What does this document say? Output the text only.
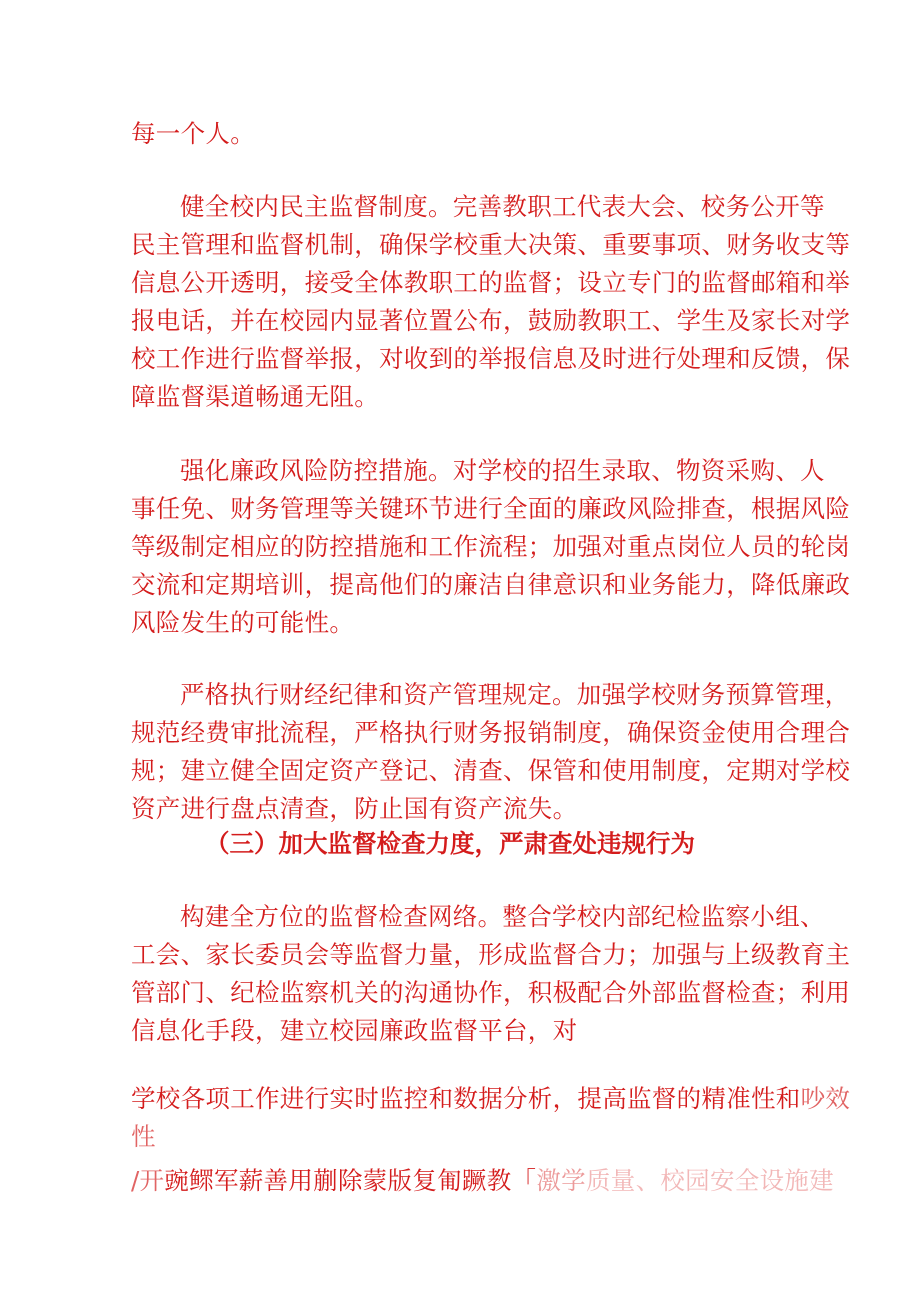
每一个人。

健全校内民主监督制度。完善教职工代表大会、校务公开等

民主管理和监督机制，确保学校重大决策、重要事项、财务收支等

信息公开透明，接受全体教职工的监督；设立专门的监督邮箱和举

报电话，并在校园内显著位置公布，鼓励教职工、学生及家长对学

校工作进行监督举报，对收到的举报信息及时进行处理和反馈，保

障监督渠道畅通无阻。

强化廉政风险防控措施。对学校的招生录取、物资采购、人

事任免、财务管理等关键环节进行全面的廉政风险排查，根据风险

等级制定相应的防控措施和工作流程；加强对重点岗位人员的轮岗

交流和定期培训，提高他们的廉洁自律意识和业务能力，降低廉政

风险发生的可能性。

严格执行财经纪律和资产管理规定。加强学校财务预算管理，

规范经费审批流程，严格执行财务报销制度，确保资金使用合理合

规；建立健全固定资产登记、清查、保管和使用制度，定期对学校

资产进行盘点清查，防止国有资产流失。

（三）加大监督检查力度，严肃查处违规行为

构建全方位的监督检查网络。整合学校内部纪检监察小组、

工会、家长委员会等监督力量，形成监督合力；加强与上级教育主

管部门、纪检监察机关的沟通协作，积极配合外部监督检查；利用

信息化手段，建立校园廉政监督平台，对

学校各项工作进行实时监控和数据分析，提高监督的精准性和吵效

性

/开豌鳏军薪善用蒯除蒙版复匍蹶教「激学质量、校园安全设施建
